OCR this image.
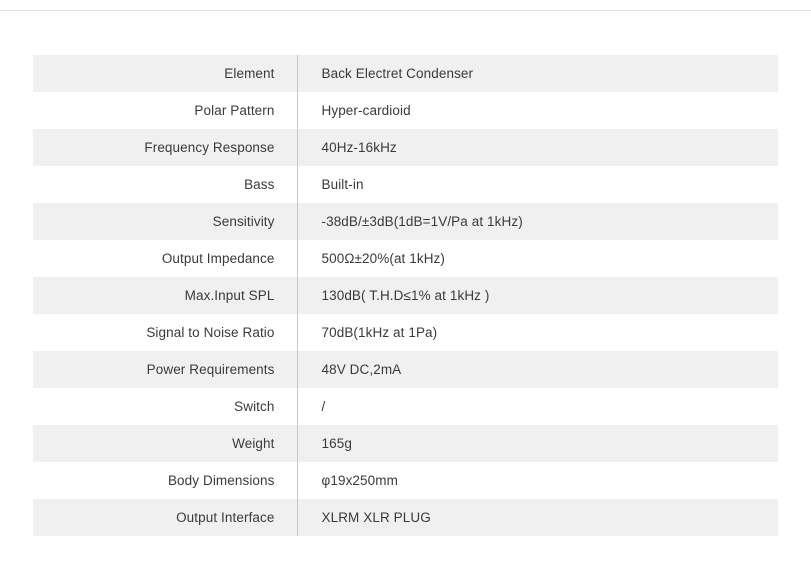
Element	Back Electret Condenser
Polar Pattern	Hyper-cardioid
Frequency Response	40Hz-16kHz
Bass	Built-in
Sensitivity	-38dB/±3dB(1dB=1V/Pa at 1kHz)
Output Impedance	500Ω±20%(at 1kHz)
Max.Input SPL	130dB( T.H.D≤1% at 1kHz )
Signal to Noise Ratio	70dB(1kHz at 1Pa)
Power Requirements	48V DC,2mA
Switch	/
Weight	165g
Body Dimensions	φ19x250mm
Output Interface	XLRM XLR PLUG
